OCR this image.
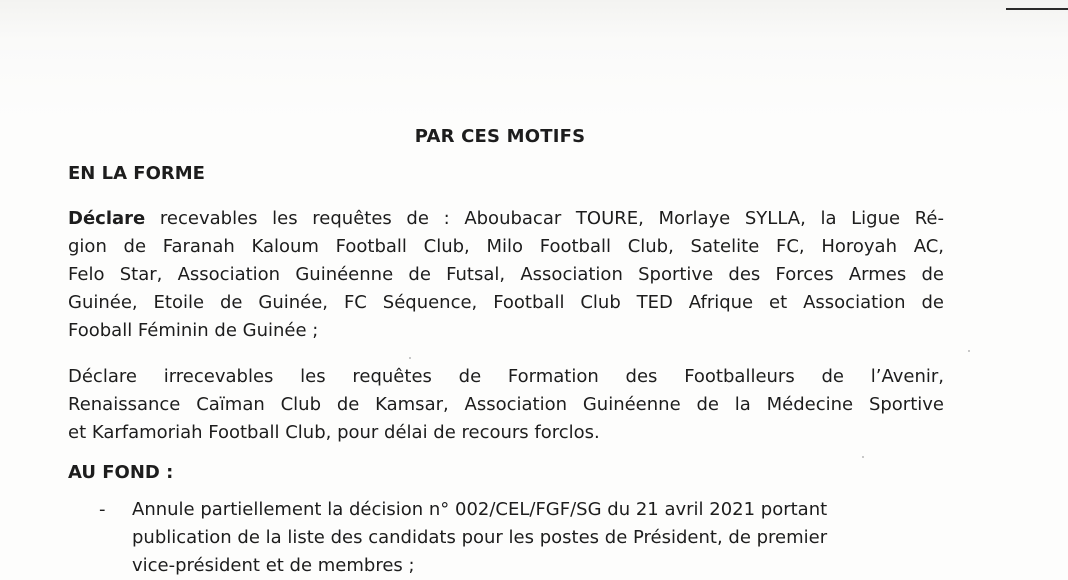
PAR CES MOTIFS
EN LA FORME
Déclare recevables les requêtes de : Aboubacar TOURE, Morlaye SYLLA, la Ligue Ré-
gion de Faranah Kaloum Football Club, Milo Football Club, Satelite FC, Horoyah AC,
Felo Star, Association Guinéenne de Futsal, Association Sportive des Forces Armes de
Guinée, Etoile de Guinée, FC Séquence, Football Club TED Afrique et Association de
Fooball Féminin de Guinée ;
Déclare irrecevables les requêtes de Formation des Footballeurs de l’Avenir,
Renaissance Caïman Club de Kamsar, Association Guinéenne de la Médecine Sportive
et Karfamoriah Football Club, pour délai de recours forclos.
AU FOND :
- Annule partiellement la décision n° 002/CEL/FGF/SG du 21 avril 2021 portant
publication de la liste des candidats pour les postes de Président, de premier
vice-président et de membres ;
